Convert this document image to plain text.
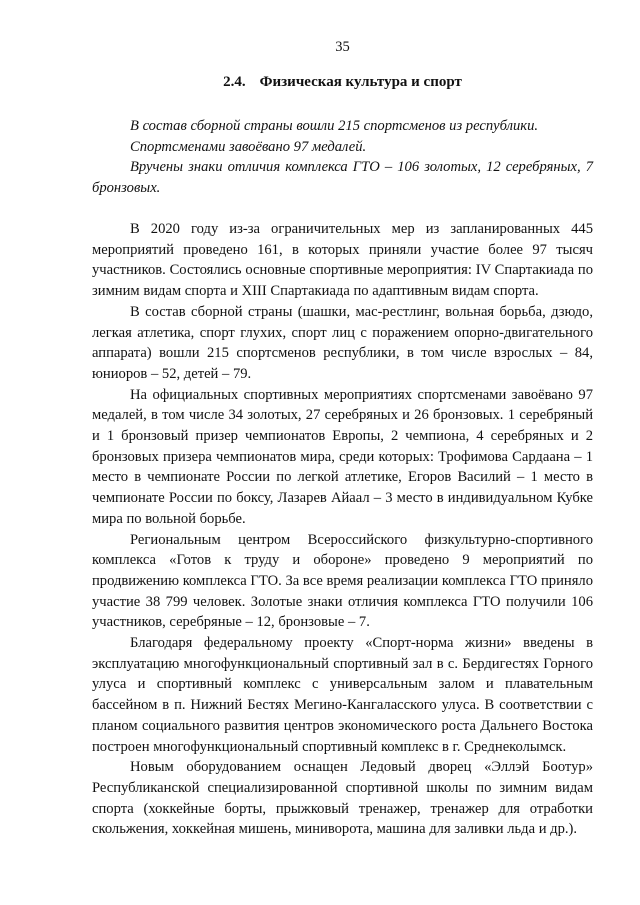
35
2.4. Физическая культура и спорт

В состав сборной страны вошли 215 спортсменов из республики.

Спортсменами завоёвано 97 медалей.

Вручены знаки отличия комплекса ГТО – 106 золотых, 12 серебряных, 7 бронзовых.

В 2020 году из-за ограничительных мер из запланированных 445 мероприятий проведено 161, в которых приняли участие более 97 тысяч участников. Состоялись основные спортивные мероприятия: IV Спартакиада по зимним видам спорта и XIII Спартакиада по адаптивным видам спорта.

В состав сборной страны (шашки, мас-рестлинг, вольная борьба, дзюдо, легкая атлетика, спорт глухих, спорт лиц с поражением опорно-двигательного аппарата) вошли 215 спортсменов республики, в том числе взрослых – 84, юниоров – 52, детей – 79.

На официальных спортивных мероприятиях спортсменами завоёвано 97 медалей, в том числе 34 золотых, 27 серебряных и 26 бронзовых. 1 серебряный и 1 бронзовый призер чемпионатов Европы, 2 чемпиона, 4 серебряных и 2 бронзовых призера чемпионатов мира, среди которых: Трофимова Сардаана – 1 место в чемпионате России по легкой атлетике, Егоров Василий – 1 место в чемпионате России по боксу, Лазарев Айаал – 3 место в индивидуальном Кубке мира по вольной борьбе.

Региональным центром Всероссийского физкультурно-спортивного комплекса «Готов к труду и обороне» проведено 9 мероприятий по продвижению комплекса ГТО. За все время реализации комплекса ГТО приняло участие 38 799 человек. Золотые знаки отличия комплекса ГТО получили 106 участников, серебряные – 12, бронзовые – 7.

Благодаря федеральному проекту «Спорт-норма жизни» введены в эксплуатацию многофункциональный спортивный зал в с. Бердигестях Горного улуса и спортивный комплекс с универсальным залом и плавательным бассейном в п. Нижний Бестях Мегино-Кангаласского улуса. В соответствии с планом социального развития центров экономического роста Дальнего Востока построен многофункциональный спортивный комплекс в г. Среднеколымск.

Новым оборудованием оснащен Ледовый дворец «Эллэй Боотур» Республиканской специализированной спортивной школы по зимним видам спорта (хоккейные борты, прыжковый тренажер, тренажер для отработки скольжения, хоккейная мишень, миниворота, машина для заливки льда и др.).
